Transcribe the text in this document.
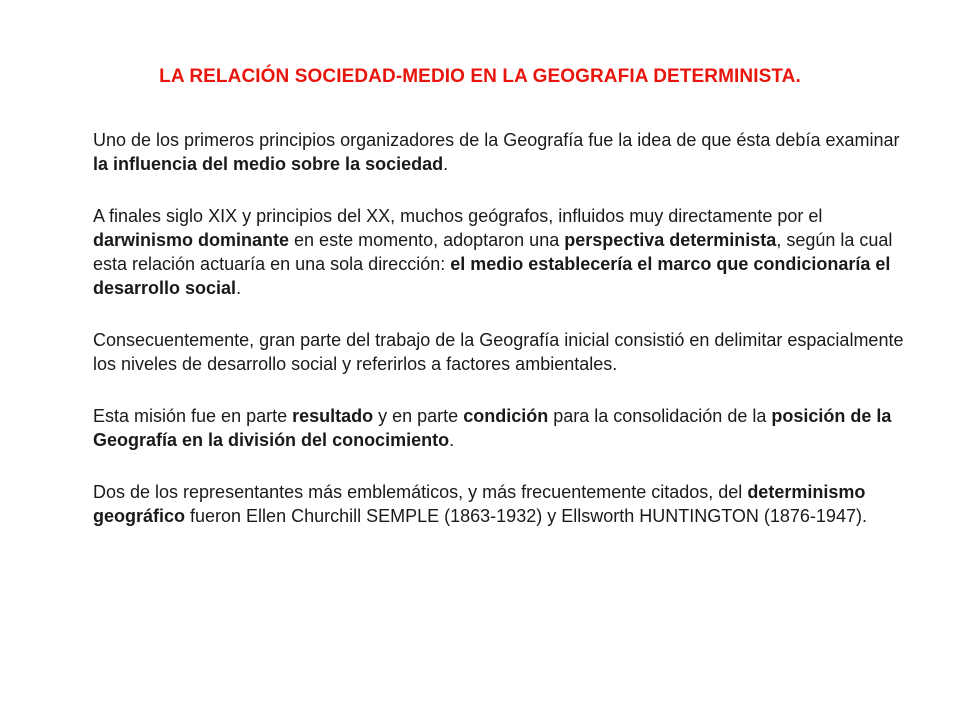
LA RELACIÓN SOCIEDAD-MEDIO EN LA GEOGRAFIA DETERMINISTA.

Uno de los primeros principios organizadores de la Geografía fue la idea de que ésta debía examinar la influencia del medio sobre la sociedad.

A finales siglo XIX y principios del XX, muchos geógrafos, influidos muy directamente por el darwinismo dominante en este momento, adoptaron una perspectiva determinista, según la cual esta relación actuaría en una sola dirección: el medio establecería el marco que condicionaría el desarrollo social.

Consecuentemente, gran parte del trabajo de la Geografía inicial consistió en delimitar espacialmente los niveles de desarrollo social y referirlos a factores ambientales.

Esta misión fue en parte resultado y en parte condición para la consolidación de la posición de la Geografía en la división del conocimiento.

Dos de los representantes más emblemáticos, y más frecuentemente citados, del determinismo geográfico fueron Ellen Churchill SEMPLE (1863-1932) y Ellsworth HUNTINGTON (1876-1947).
